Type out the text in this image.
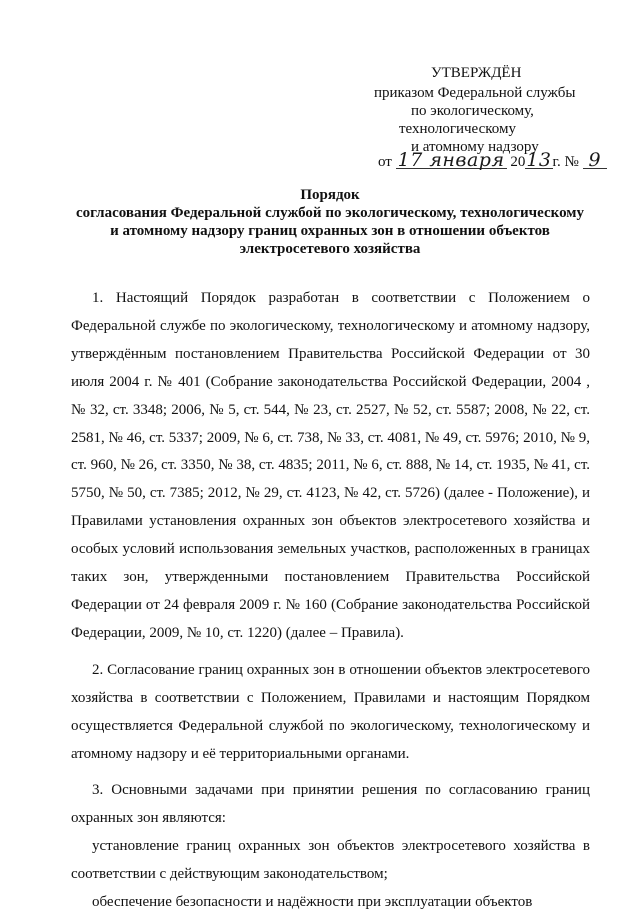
УТВЕРЖДЁН
приказом Федеральной службы
по экологическому,
технологическому
и атомному надзору
от 17 января 2013г. № 9
Порядок
согласования Федеральной службой по экологическому, технологическому
и атомному надзору границ охранных зон в отношении объектов
электросетевого хозяйства

1. Настоящий Порядок разработан в соответствии с Положением о Федеральной службе по экологическому, технологическому и атомному надзору, утверждённым постановлением Правительства Российской Федерации от 30 июля 2004 г. № 401 (Собрание законодательства Российской Федерации, 2004 , № 32, ст. 3348; 2006, № 5, ст. 544, № 23, ст. 2527, № 52, ст. 5587; 2008, № 22, ст. 2581, № 46, ст. 5337; 2009, № 6, ст. 738, № 33, ст. 4081, № 49, ст. 5976; 2010, № 9, ст. 960, № 26, ст. 3350, № 38, ст. 4835; 2011, № 6, ст. 888, № 14, ст. 1935, № 41, ст. 5750, № 50, ст. 7385; 2012, № 29, ст. 4123, № 42, ст. 5726) (далее - Положение), и Правилами установления охранных зон объектов электросетевого хозяйства и особых условий использования земельных участков, расположенных в границах таких зон, утвержденными постановлением Правительства Российской Федерации от 24 февраля 2009 г. № 160 (Собрание законодательства Российской Федерации, 2009, № 10, ст. 1220) (далее – Правила).

2. Согласование границ охранных зон в отношении объектов электросетевого хозяйства в соответствии с Положением, Правилами и настоящим Порядком осуществляется Федеральной службой по экологическому, технологическому и атомному надзору и её территориальными органами.

3. Основными задачами при принятии решения по согласованию границ охранных зон являются:

установление границ охранных зон объектов электросетевого хозяйства в соответствии с действующим законодательством;

обеспечение безопасности и надёжности при эксплуатации объектов
